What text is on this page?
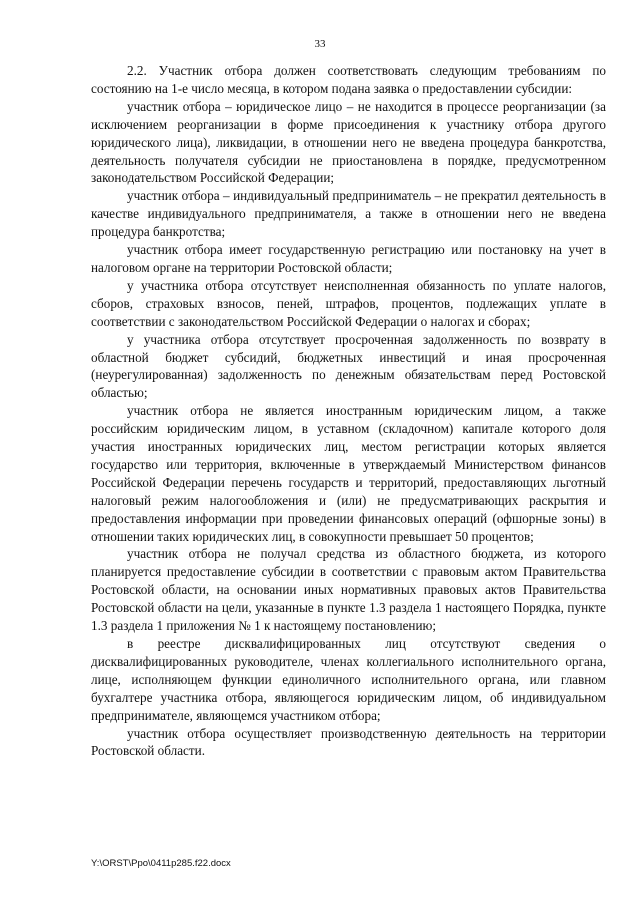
33

2.2. Участник отбора должен соответствовать следующим требованиям по состоянию на 1-е число месяца, в котором подана заявка о предоставлении субсидии:

участник отбора – юридическое лицо – не находится в процессе реорганизации (за исключением реорганизации в форме присоединения к участнику отбора другого юридического лица), ликвидации, в отношении него не введена процедура банкротства, деятельность получателя субсидии не приостановлена в порядке, предусмотренном законодательством Российской Федерации;

участник отбора – индивидуальный предприниматель – не прекратил деятельность в качестве индивидуального предпринимателя, а также в отношении него не введена процедура банкротства;

участник отбора имеет государственную регистрацию или постановку на учет в налоговом органе на территории Ростовской области;

у участника отбора отсутствует неисполненная обязанность по уплате налогов, сборов, страховых взносов, пеней, штрафов, процентов, подлежащих уплате в соответствии с законодательством Российской Федерации о налогах и сборах;

у участника отбора отсутствует просроченная задолженность по возврату в областной бюджет субсидий, бюджетных инвестиций и иная просроченная (неурегулированная) задолженность по денежным обязательствам перед Ростовской областью;

участник отбора не является иностранным юридическим лицом, а также российским юридическим лицом, в уставном (складочном) капитале которого доля участия иностранных юридических лиц, местом регистрации которых является государство или территория, включенные в утверждаемый Министерством финансов Российской Федерации перечень государств и территорий, предоставляющих льготный налоговый режим налогообложения и (или) не предусматривающих раскрытия и предоставления информации при проведении финансовых операций (офшорные зоны) в отношении таких юридических лиц, в совокупности превышает 50 процентов;

участник отбора не получал средства из областного бюджета, из которого планируется предоставление субсидии в соответствии с правовым актом Правительства Ростовской области, на основании иных нормативных правовых актов Правительства Ростовской области на цели, указанные в пункте 1.3 раздела 1 настоящего Порядка, пункте 1.3 раздела 1 приложения № 1 к настоящему постановлению;

в реестре дисквалифицированных лиц отсутствуют сведения о дисквалифицированных руководителе, членах коллегиального исполнительного органа, лице, исполняющем функции единоличного исполнительного органа, или главном бухгалтере участника отбора, являющегося юридическим лицом, об индивидуальном предпринимателе, являющемся участником отбора;

участник отбора осуществляет производственную деятельность на территории Ростовской области.

Y:\ORST\Ppo\0411p285.f22.docx
